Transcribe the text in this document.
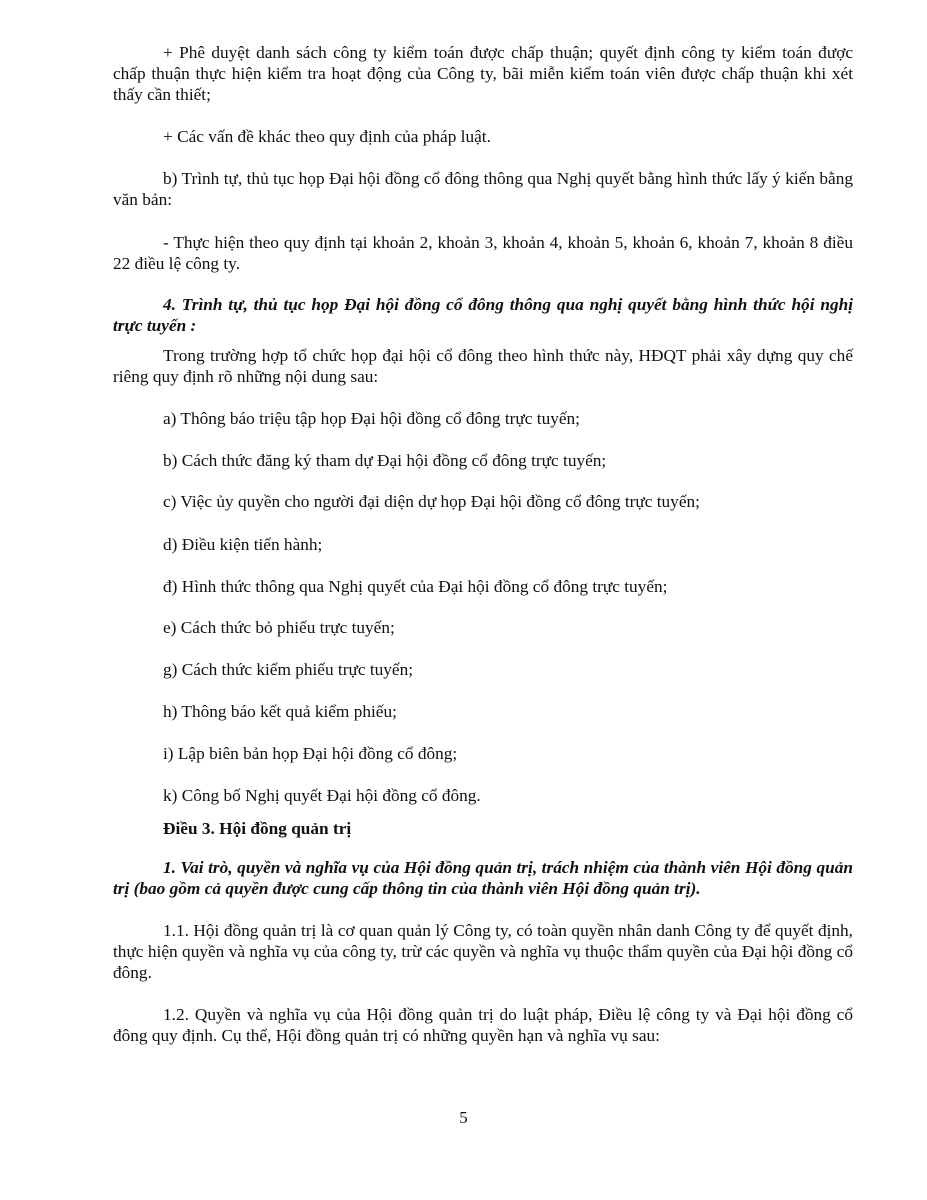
+ Phê duyệt danh sách công ty kiểm toán được chấp thuận; quyết định công ty kiểm toán được chấp thuận thực hiện kiểm tra hoạt động của Công ty, bãi miễn kiểm toán viên được chấp thuận khi xét thấy cần thiết;

+ Các vấn đề khác theo quy định của pháp luật.

b) Trình tự, thủ tục họp Đại hội đồng cổ đông thông qua Nghị quyết bằng hình thức lấy ý kiến bằng văn bản:

- Thực hiện theo quy định tại khoản 2, khoản 3, khoản 4, khoản 5, khoản 6, khoản 7, khoản 8 điều 22 điều lệ công ty.

4. Trình tự, thủ tục họp Đại hội đồng cổ đông thông qua nghị quyết bằng hình thức hội nghị trực tuyến :

Trong trường hợp tổ chức họp đại hội cổ đông theo hình thức này, HĐQT phải xây dựng quy chế riêng quy định rõ những nội dung sau:

a) Thông báo triệu tập họp Đại hội đồng cổ đông trực tuyến;

b) Cách thức đăng ký tham dự Đại hội đồng cổ đông trực tuyến;

c) Việc ủy quyền cho người đại diện dự họp Đại hội đồng cổ đông trực tuyến;

d) Điều kiện tiến hành;

đ) Hình thức thông qua Nghị quyết của Đại hội đồng cổ đông trực tuyến;

e) Cách thức bỏ phiếu trực tuyến;

g) Cách thức kiểm phiếu trực tuyến;

h) Thông báo kết quả kiểm phiếu;

i) Lập biên bản họp Đại hội đồng cổ đông;

k) Công bố Nghị quyết Đại hội đồng cổ đông.

Điều 3. Hội đồng quản trị

1. Vai trò, quyền và nghĩa vụ của Hội đồng quản trị, trách nhiệm của thành viên Hội đồng quản trị (bao gồm cả quyền được cung cấp thông tin của thành viên Hội đồng quản trị).

1.1. Hội đồng quản trị là cơ quan quản lý Công ty, có toàn quyền nhân danh Công ty để quyết định, thực hiện quyền và nghĩa vụ của công ty, trừ các quyền và nghĩa vụ thuộc thẩm quyền của Đại hội đồng cổ đông.

1.2. Quyền và nghĩa vụ của Hội đồng quản trị do luật pháp, Điều lệ công ty và Đại hội đồng cổ đông quy định. Cụ thể, Hội đồng quản trị có những quyền hạn và nghĩa vụ sau:

5
